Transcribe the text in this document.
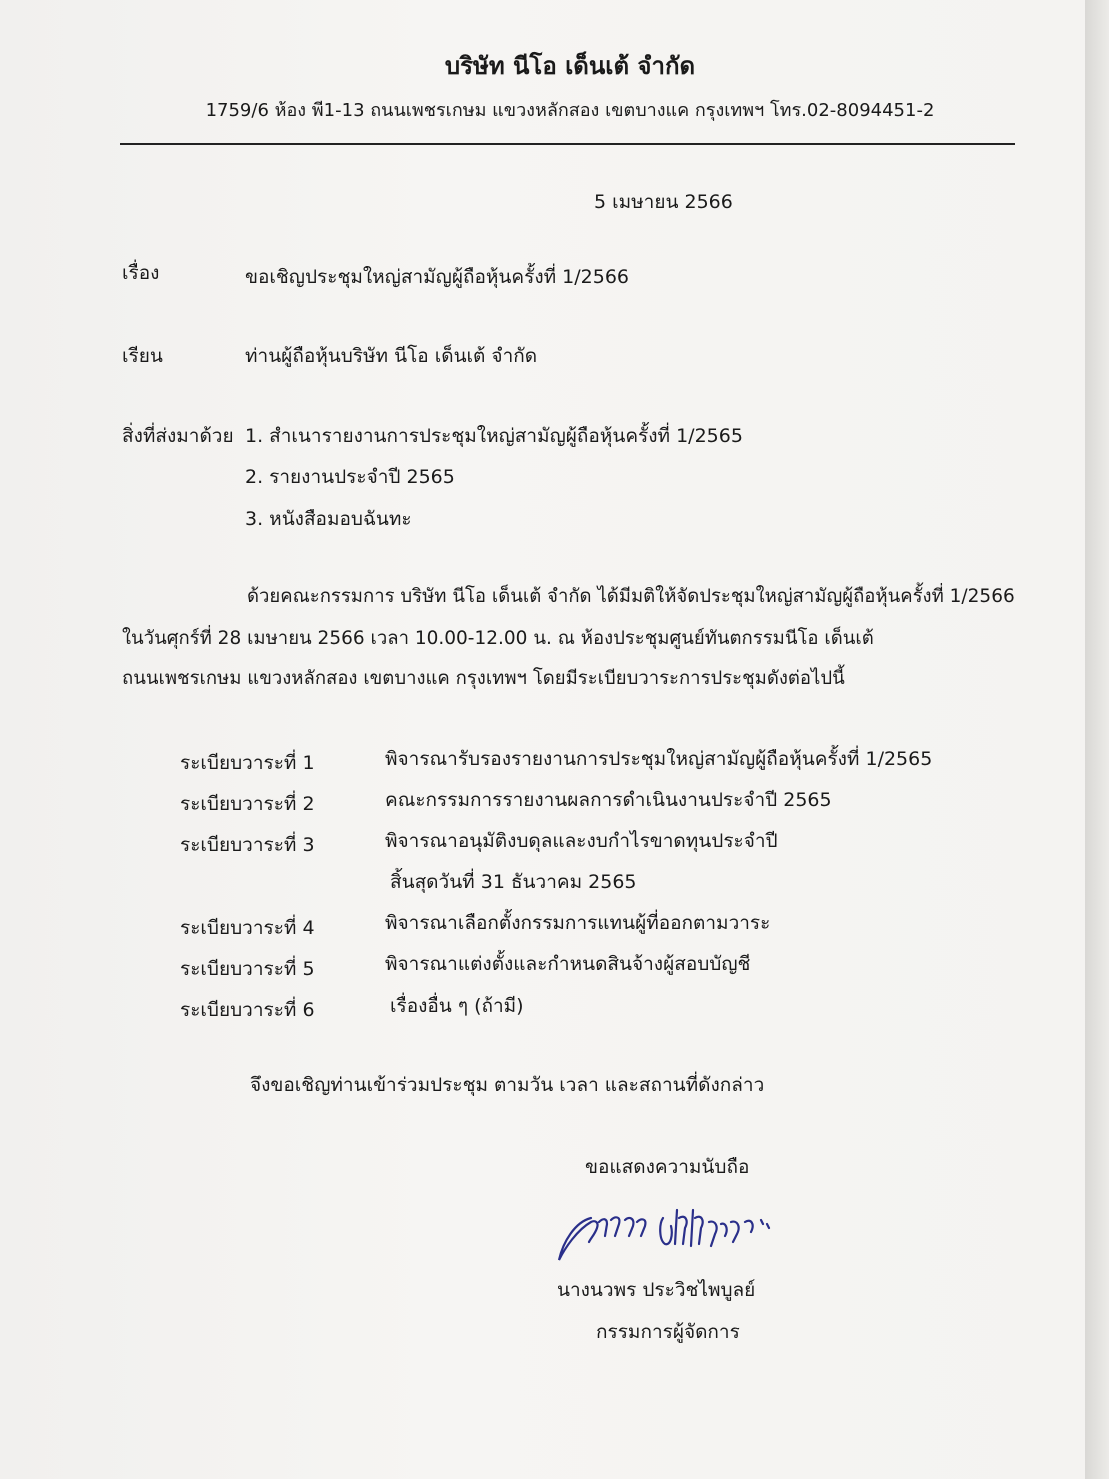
บริษัท นีโอ เด็นเต้ จำกัด
1759/6 ห้อง พี1-13 ถนนเพชรเกษม แขวงหลักสอง เขตบางแค กรุงเทพฯ โทร.02-8094451-2
5 เมษายน 2566
เรื่อง	ขอเชิญประชุมใหญ่สามัญผู้ถือหุ้นครั้งที่ 1/2566
เรียน	ท่านผู้ถือหุ้นบริษัท นีโอ เด็นเต้ จำกัด
สิ่งที่ส่งมาด้วย 1. สำเนารายงานการประชุมใหญ่สามัญผู้ถือหุ้นครั้งที่ 1/2565
2. รายงานประจำปี 2565
3. หนังสือมอบฉันทะ
ด้วยคณะกรรมการ บริษัท นีโอ เด็นเต้ จำกัด ได้มีมติให้จัดประชุมใหญ่สามัญผู้ถือหุ้นครั้งที่ 1/2566
ในวันศุกร์ที่ 28 เมษายน 2566 เวลา 10.00-12.00 น. ณ ห้องประชุมศูนย์ทันตกรรมนีโอ เด็นเต้
ถนนเพชรเกษม แขวงหลักสอง เขตบางแค กรุงเทพฯ โดยมีระเบียบวาระการประชุมดังต่อไปนี้
ระเบียบวาระที่ 1	พิจารณารับรองรายงานการประชุมใหญ่สามัญผู้ถือหุ้นครั้งที่ 1/2565
ระเบียบวาระที่ 2	คณะกรรมการรายงานผลการดำเนินงานประจำปี 2565
ระเบียบวาระที่ 3	พิจารณาอนุมัติงบดุลและงบกำไรขาดทุนประจำปี
สิ้นสุดวันที่ 31 ธันวาคม 2565
ระเบียบวาระที่ 4	พิจารณาเลือกตั้งกรรมการแทนผู้ที่ออกตามวาระ
ระเบียบวาระที่ 5	พิจารณาแต่งตั้งและกำหนดสินจ้างผู้สอบบัญชี
ระเบียบวาระที่ 6	เรื่องอื่น ๆ (ถ้ามี)
จึงขอเชิญท่านเข้าร่วมประชุม ตามวัน เวลา และสถานที่ดังกล่าว
ขอแสดงความนับถือ
นางนวพร ประวิชไพบูลย์
กรรมการผู้จัดการ
